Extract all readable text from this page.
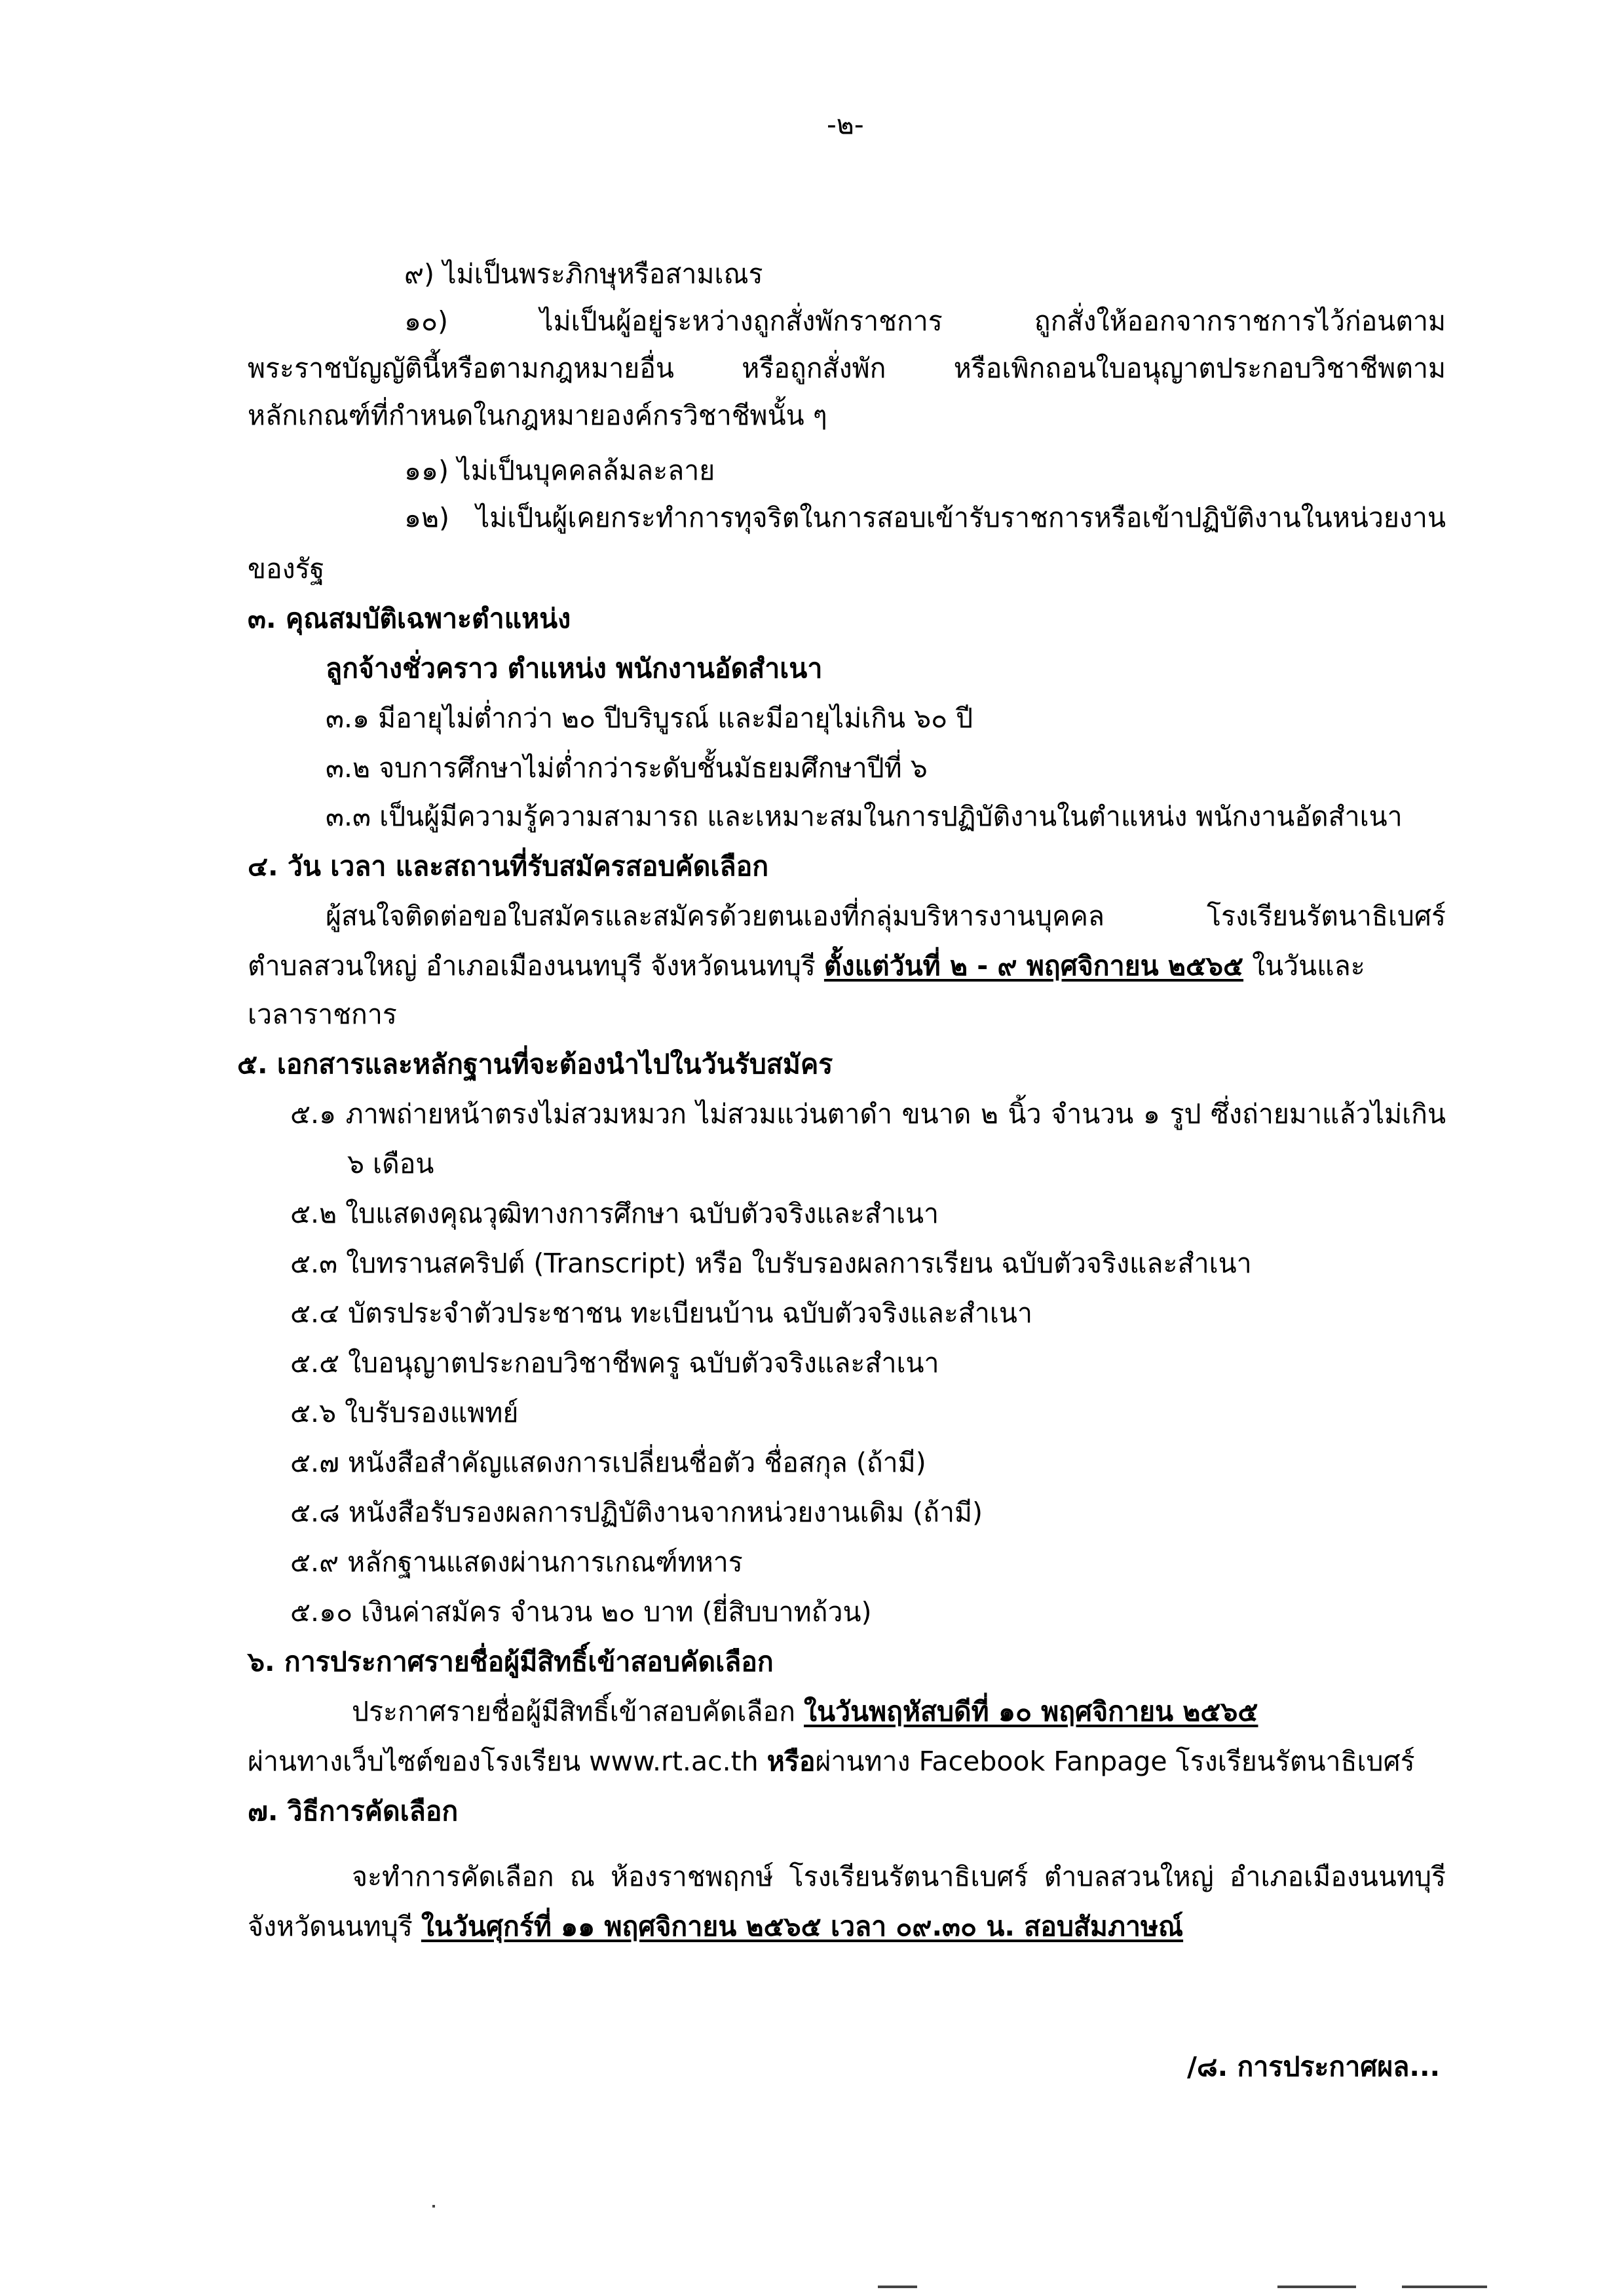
-๒-
๙) ไม่เป็นพระภิกษุหรือสามเณร
๑๐) ไม่เป็นผู้อยู่ระหว่างถูกสั่งพักราชการ ถูกสั่งให้ออกจากราชการไว้ก่อนตาม
พระราชบัญญัตินี้หรือตามกฎหมายอื่น หรือถูกสั่งพัก หรือเพิกถอนใบอนุญาตประกอบวิชาชีพตาม
หลักเกณฑ์ที่กำหนดในกฎหมายองค์กรวิชาชีพนั้น ๆ
๑๑) ไม่เป็นบุคคลล้มละลาย
๑๒) ไม่เป็นผู้เคยกระทำการทุจริตในการสอบเข้ารับราชการหรือเข้าปฏิบัติงานในหน่วยงาน
ของรัฐ
๓. คุณสมบัติเฉพาะตำแหน่ง
ลูกจ้างชั่วคราว ตำแหน่ง พนักงานอัดสำเนา
๓.๑ มีอายุไม่ต่ำกว่า ๒๐ ปีบริบูรณ์ และมีอายุไม่เกิน ๖๐ ปี
๓.๒ จบการศึกษาไม่ต่ำกว่าระดับชั้นมัธยมศึกษาปีที่ ๖
๓.๓ เป็นผู้มีความรู้ความสามารถ และเหมาะสมในการปฏิบัติงานในตำแหน่ง พนักงานอัดสำเนา
๔. วัน เวลา และสถานที่รับสมัครสอบคัดเลือก
ผู้สนใจติดต่อขอใบสมัครและสมัครด้วยตนเองที่กลุ่มบริหารงานบุคคล โรงเรียนรัตนาธิเบศร์
ตำบลสวนใหญ่ อำเภอเมืองนนทบุรี จังหวัดนนทบุรี ตั้งแต่วันที่ ๒ - ๙ พฤศจิกายน ๒๕๖๕ ในวันและ
เวลาราชการ
๕. เอกสารและหลักฐานที่จะต้องนำไปในวันรับสมัคร
๕.๑ ภาพถ่ายหน้าตรงไม่สวมหมวก ไม่สวมแว่นตาดำ ขนาด ๒ นิ้ว จำนวน ๑ รูป ซึ่งถ่ายมาแล้วไม่เกิน
๖ เดือน
๕.๒ ใบแสดงคุณวุฒิทางการศึกษา ฉบับตัวจริงและสำเนา
๕.๓ ใบทรานสคริปต์ (Transcript) หรือ ใบรับรองผลการเรียน ฉบับตัวจริงและสำเนา
๕.๔ บัตรประจำตัวประชาชน ทะเบียนบ้าน ฉบับตัวจริงและสำเนา
๕.๕ ใบอนุญาตประกอบวิชาชีพครู ฉบับตัวจริงและสำเนา
๕.๖ ใบรับรองแพทย์
๕.๗ หนังสือสำคัญแสดงการเปลี่ยนชื่อตัว ชื่อสกุล (ถ้ามี)
๕.๘ หนังสือรับรองผลการปฏิบัติงานจากหน่วยงานเดิม (ถ้ามี)
๕.๙ หลักฐานแสดงผ่านการเกณฑ์ทหาร
๕.๑๐ เงินค่าสมัคร จำนวน ๒๐ บาท (ยี่สิบบาทถ้วน)
๖. การประกาศรายชื่อผู้มีสิทธิ์เข้าสอบคัดเลือก
ประกาศรายชื่อผู้มีสิทธิ์เข้าสอบคัดเลือก ในวันพฤหัสบดีที่ ๑๐ พฤศจิกายน ๒๕๖๕
ผ่านทางเว็บไซต์ของโรงเรียน www.rt.ac.th หรือผ่านทาง Facebook Fanpage โรงเรียนรัตนาธิเบศร์
๗. วิธีการคัดเลือก
จะทำการคัดเลือก ณ ห้องราชพฤกษ์ โรงเรียนรัตนาธิเบศร์ ตำบลสวนใหญ่ อำเภอเมืองนนทบุรี
จังหวัดนนทบุรี ในวันศุกร์ที่ ๑๑ พฤศจิกายน ๒๕๖๕ เวลา ๐๙.๓๐ น. สอบสัมภาษณ์
/๘. การประกาศผล...
